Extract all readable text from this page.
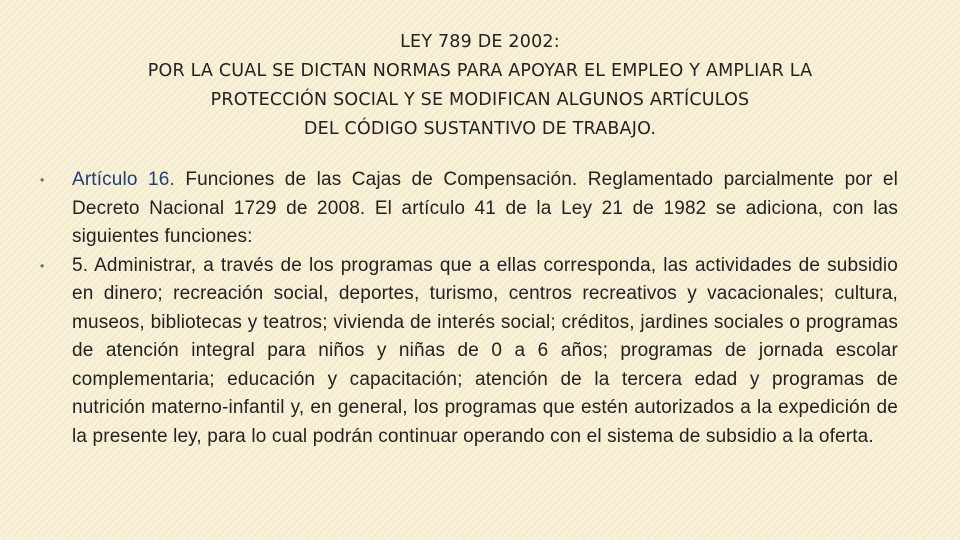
LEY 789 DE 2002:
POR LA CUAL SE DICTAN NORMAS PARA APOYAR EL EMPLEO Y AMPLIAR LA
PROTECCIÓN SOCIAL Y SE MODIFICAN ALGUNOS ARTÍCULOS
DEL CÓDIGO SUSTANTIVO DE TRABAJO.
•	Artículo 16. Funciones de las Cajas de Compensación. Reglamentado parcialmente por el Decreto Nacional 1729 de 2008. El artículo 41 de la Ley 21 de 1982 se adiciona, con las siguientes funciones:
•	5. Administrar, a través de los programas que a ellas corresponda, las actividades de subsidio en dinero; recreación social, deportes, turismo, centros recreativos y vacacionales; cultura, museos, bibliotecas y teatros; vivienda de interés social; créditos, jardines sociales o programas de atención integral para niños y niñas de 0 a 6 años; programas de jornada escolar complementaria; educación y capacitación; atención de la tercera edad y programas de nutrición materno-infantil y, en general, los programas que estén autorizados a la expedición de la presente ley, para lo cual podrán continuar operando con el sistema de subsidio a la oferta.
